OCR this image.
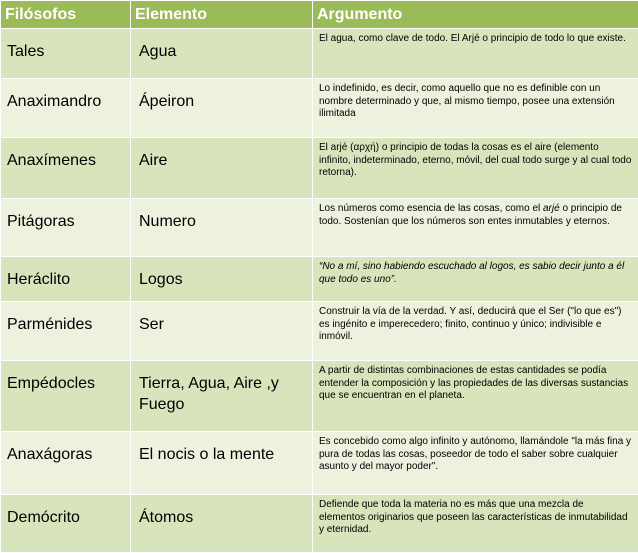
Filósofos	Elemento	Argumento
Tales	Agua	El agua, como clave de todo. El Arjé o principio de todo lo que existe.
Anaximandro	Ápeiron	Lo indefinido, es decir, como aquello que no es definible con un nombre determinado y que, al mismo tiempo, posee una extensión ilimitada
Anaxímenes	Aire	El arjé (αρχή) o principio de todas la cosas es el aire (elemento infinito, indeterminado, eterno, móvil, del cual todo surge y al cual todo retorna).
Pitágoras	Numero	Los números como esencia de las cosas, como el arjé o principio de todo. Sostenían que los números son entes inmutables y eternos.
Heráclito	Logos	“No a mí, sino habiendo escuchado al logos, es sabio decir junto a él que todo es uno”.
Parménides	Ser	Construir la vía de la verdad. Y así, deducirá que el Ser ("lo que es") es ingénito e imperecedero; finito, continuo y único; indivisible e inmóvil.
Empédocles	Tierra, Agua, Aire ,y Fuego	A partir de distintas combinaciones de estas cantidades se podía entender la composición y las propiedades de las diversas sustancias que se encuentran en el planeta.
Anaxágoras	El nocis o la mente	Es concebido como algo infinito y autónomo, llamándole "la más fina y pura de todas las cosas, poseedor de todo el saber sobre cualquier asunto y del mayor poder".
Demócrito	Átomos	Defiende que toda la materia no es más que una mezcla de elementos originarios que poseen las características de inmutabilidad y eternidad.
